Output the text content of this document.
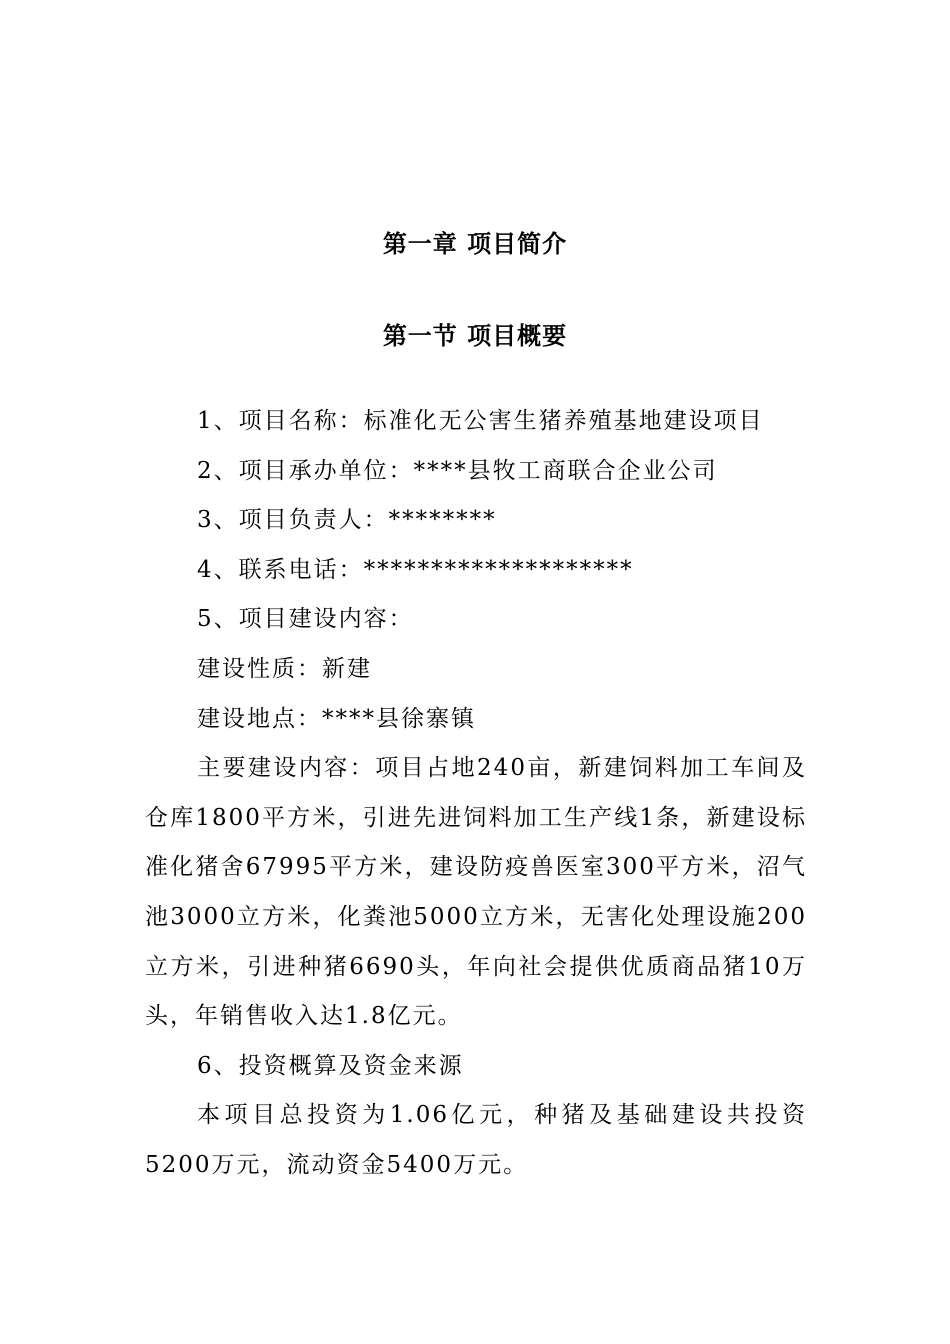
第一章 项目简介
第一节 项目概要

1、项目名称：标准化无公害生猪养殖基地建设项目

2、项目承办单位：****县牧工商联合企业公司

3、项目负责人：********

4、联系电话：********************

5、项目建设内容：

建设性质：新建

建设地点：****县徐寨镇

主要建设内容：项目占地240亩，新建饲料加工车间及仓库1800平方米，引进先进饲料加工生产线1条，新建设标准化猪舍67995平方米，建设防疫兽医室300平方米，沼气池3000立方米，化粪池5000立方米，无害化处理设施200立方米，引进种猪6690头，年向社会提供优质商品猪10万头，年销售收入达1.8亿元。

6、投资概算及资金来源

本项目总投资为1.06亿元，种猪及基础建设共投资5200万元，流动资金5400万元。
